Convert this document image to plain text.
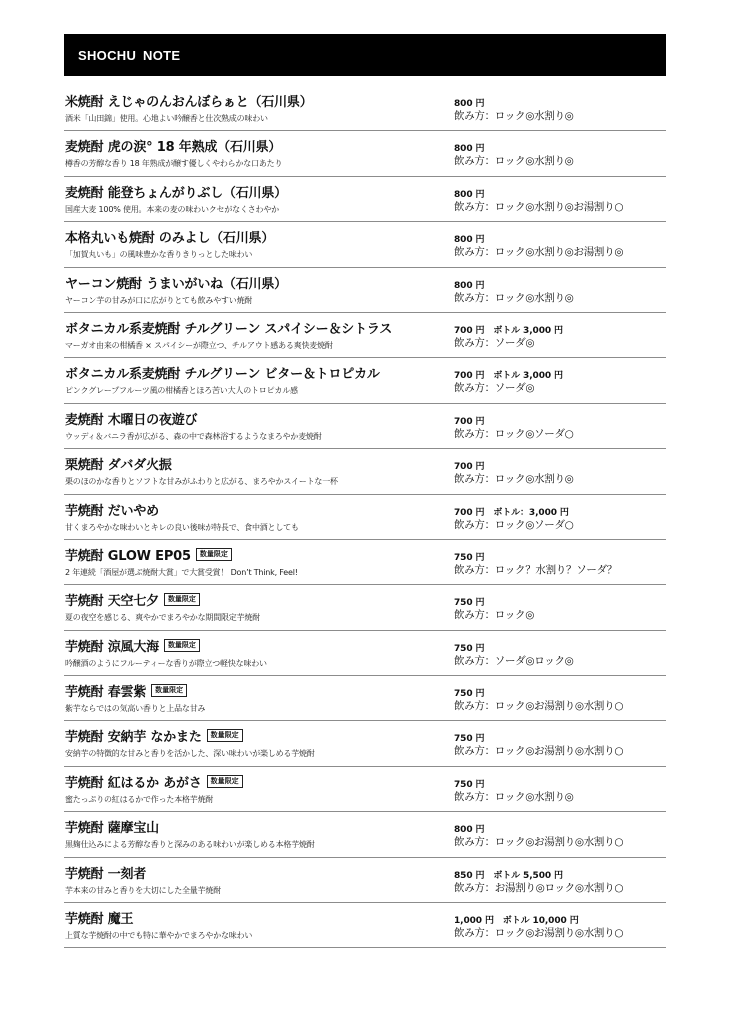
SHOCHU NOTE
米焼酎 えじゃのんおんぼらぁと（石川県）
酒米「山田錦」使用。心地よい吟醸香と仕次熟成の味わい
800 円
飲み方：ロック◎水割り◎
麦焼酎 虎の涙° 18 年熟成（石川県）
樽香の芳醇な香り 18 年熟成が醸す優しくやわらかな口あたり
800 円
飲み方：ロック◎水割り◎
麦焼酎 能登ちょんがりぶし（石川県）
国産大麦 100% 使用。本来の麦の味わいクセがなくさわやか
800 円
飲み方：ロック◎水割り◎お湯割り○
本格丸いも焼酎 のみよし（石川県）
「加賀丸いも」の風味豊かな香りきりっとした味わい
800 円
飲み方：ロック◎水割り◎お湯割り◎
ヤーコン焼酎 うまいがいね（石川県）
ヤーコン芋の甘みが口に広がりとても飲みやすい焼酎
800 円
飲み方：ロック◎水割り◎
ボタニカル系麦焼酎 チルグリーン スパイシー＆シトラス
マーガオ由来の柑橘香 × スパイシーが際立つ、チルアウト感ある爽快麦焼酎
700 円　ボトル 3,000 円
飲み方：ソーダ◎
ボタニカル系麦焼酎 チルグリーン ビター＆トロピカル
ピンクグレープフルーツ風の柑橘香とほろ苦い大人のトロピカル感
700 円　ボトル 3,000 円
飲み方：ソーダ◎
麦焼酎 木曜日の夜遊び
ウッディ＆バニラ香が広がる、森の中で森林浴するようなまろやか麦焼酎
700 円
飲み方：ロック◎ソーダ○
栗焼酎 ダバダ火振
栗のほのかな香りとソフトな甘みがふわりと広がる、まろやかスイートな一杯
700 円
飲み方：ロック◎水割り◎
芋焼酎 だいやめ
甘くまろやかな味わいとキレの良い後味が特長で、食中酒としても
700 円　ボトル：3,000 円
飲み方：ロック◎ソーダ○
芋焼酎 GLOW EP05	数量限定
2 年連続「酒屋が選ぶ焼酎大賞」で大賞受賞！ Don’t Think, Feel!
750 円
飲み方：ロック？水割り？ソーダ？
芋焼酎 天空七夕	数量限定
夏の夜空を感じる、爽やかでまろやかな期間限定芋焼酎
750 円
飲み方：ロック◎
芋焼酎 涼風大海	数量限定
吟醸酒のようにフルーティーな香りが際立つ軽快な味わい
750 円
飲み方：ソーダ◎ロック◎
芋焼酎 春雲紫	数量限定
紫芋ならではの気高い香りと上品な甘み
750 円
飲み方：ロック◎お湯割り◎水割り○
芋焼酎 安納芋 なかまた	数量限定
安納芋の特徴的な甘みと香りを活かした、深い味わいが楽しめる芋焼酎
750 円
飲み方：ロック◎お湯割り◎水割り○
芋焼酎 紅はるか あがさ	数量限定
蜜たっぷりの紅はるかで作った本格芋焼酎
750 円
飲み方：ロック◎水割り◎
芋焼酎 薩摩宝山
黒麹仕込みによる芳醇な香りと深みのある味わいが楽しめる本格芋焼酎
800 円
飲み方：ロック◎お湯割り◎水割り○
芋焼酎 一刻者
芋本来の甘みと香りを大切にした全量芋焼酎
850 円　ボトル 5,500 円
飲み方：お湯割り◎ロック◎水割り○
芋焼酎 魔王
上質な芋焼酎の中でも特に華やかでまろやかな味わい
1,000 円　ボトル 10,000 円
飲み方：ロック◎お湯割り◎水割り○
